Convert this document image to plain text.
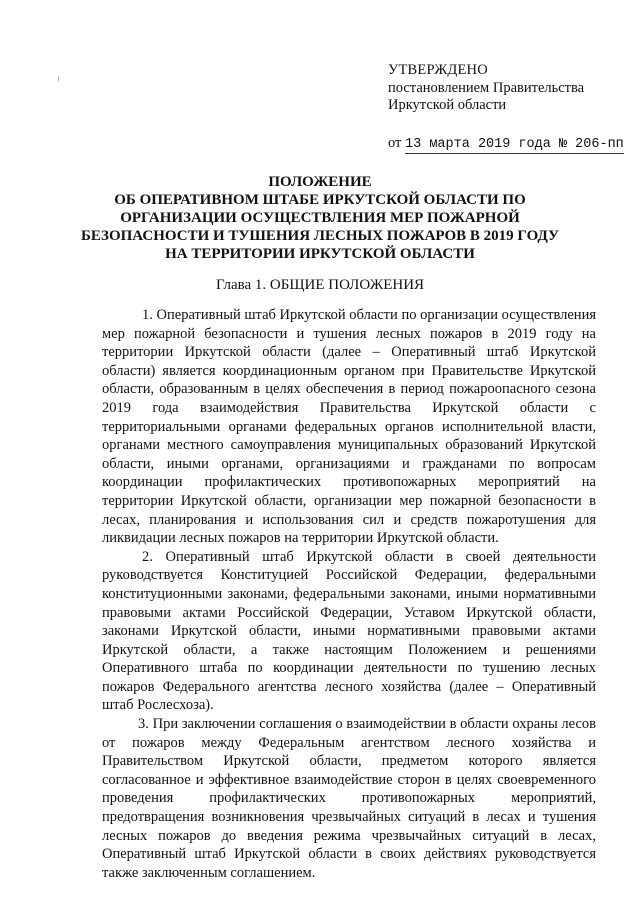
УТВЕРЖДЕНО
постановлением Правительства
Иркутской области
от 13 марта 2019 года № 206-пп
ПОЛОЖЕНИЕ
ОБ ОПЕРАТИВНОМ ШТАБЕ ИРКУТСКОЙ ОБЛАСТИ ПО
ОРГАНИЗАЦИИ ОСУЩЕСТВЛЕНИЯ МЕР ПОЖАРНОЙ
БЕЗОПАСНОСТИ И ТУШЕНИЯ ЛЕСНЫХ ПОЖАРОВ В 2019 ГОДУ
НА ТЕРРИТОРИИ ИРКУТСКОЙ ОБЛАСТИ
Глава 1. ОБЩИЕ ПОЛОЖЕНИЯ

1. Оперативный штаб Иркутской области по организации осуществления мер пожарной безопасности и тушения лесных пожаров в 2019 году на территории Иркутской области (далее – Оперативный штаб Иркутской области) является координационным органом при Правительстве Иркутской области, образованным в целях обеспечения в период пожароопасного сезона 2019 года взаимодействия Правительства Иркутской области с территориальными органами федеральных органов исполнительной власти, органами местного самоуправления муниципальных образований Иркутской области, иными органами, организациями и гражданами по вопросам координации профилактических противопожарных мероприятий на территории Иркутской области, организации мер пожарной безопасности в лесах, планирования и использования сил и средств пожаротушения для ликвидации лесных пожаров на территории Иркутской области.

2. Оперативный штаб Иркутской области в своей деятельности руководствуется Конституцией Российской Федерации, федеральными конституционными законами, федеральными законами, иными нормативными правовыми актами Российской Федерации, Уставом Иркутской области, законами Иркутской области, иными нормативными правовыми актами Иркутской области, а также настоящим Положением и решениями Оперативного штаба по координации деятельности по тушению лесных пожаров Федерального агентства лесного хозяйства (далее – Оперативный штаб Рослесхоза).

3. При заключении соглашения о взаимодействии в области охраны лесов от пожаров между Федеральным агентством лесного хозяйства и Правительством Иркутской области, предметом которого является согласованное и эффективное взаимодействие сторон в целях своевременного проведения профилактических противопожарных мероприятий, предотвращения возникновения чрезвычайных ситуаций в лесах и тушения лесных пожаров до введения режима чрезвычайных ситуаций в лесах, Оперативный штаб Иркутской области в своих действиях руководствуется также заключенным соглашением.
